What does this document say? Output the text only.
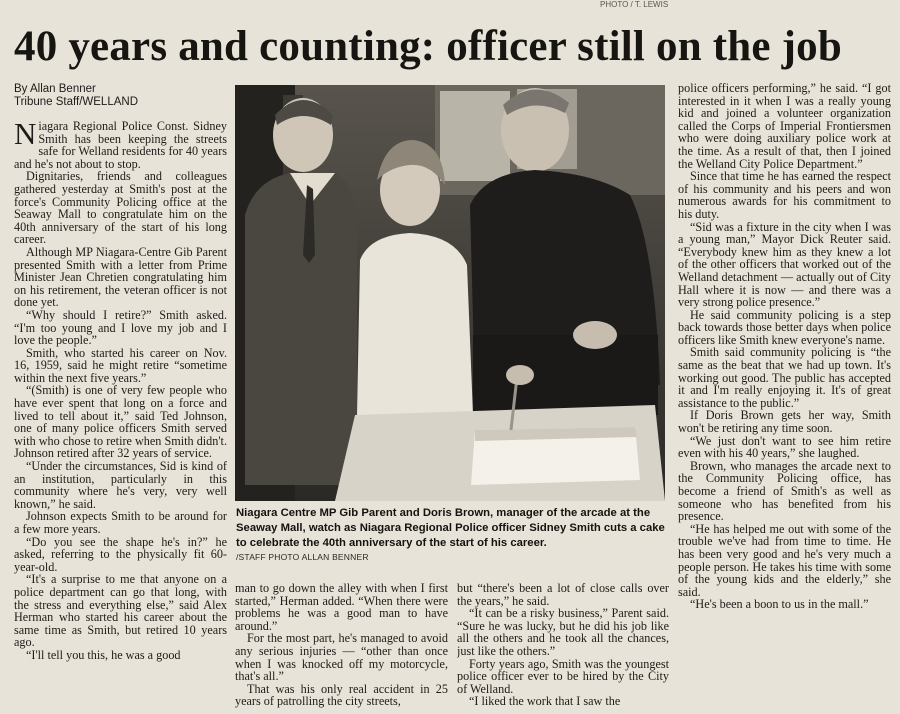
PHOTO / T. LEWIS
40 years and counting: officer still on the job
By Allan Benner
Tribune Staff/WELLAND

Niagara Regional Police Const. Sidney Smith has been keeping the streets safe for Welland residents for 40 years and he's not about to stop.

Dignitaries, friends and colleagues gathered yesterday at Smith's post at the force's Community Policing office at the Seaway Mall to congratulate him on the 40th anniversary of the start of his long career.

Although MP Niagara-Centre Gib Parent presented Smith with a letter from Prime Minister Jean Chretien congratulating him on his retirement, the veteran officer is not done yet.

“Why should I retire?” Smith asked. “I'm too young and I love my job and I love the people.”

Smith, who started his career on Nov. 16, 1959, said he might retire “sometime within the next five years.”

“(Smith) is one of very few people who have ever spent that long on a force and lived to tell about it,” said Ted Johnson, one of many police officers Smith served with who chose to retire when Smith didn't. Johnson retired after 32 years of service.

“Under the circumstances, Sid is kind of an institution, particularly in this community where he's very, very well known,” he said.

Johnson expects Smith to be around for a few more years.

“Do you see the shape he's in?” he asked, referring to the physically fit 60-year-old.

“It's a surprise to me that anyone on a police department can go that long, with the stress and everything else,” said Alex Herman who started his career about the same time as Smith, but retired 10 years ago.

“I'll tell you this, he was a good

Niagara Centre MP Gib Parent and Doris Brown, manager of the arcade at the Seaway Mall, watch as Niagara Regional Police officer Sidney Smith cuts a cake to celebrate the 40th anniversary of the start of his career.
/STAFF PHOTO ALLAN BENNER

man to go down the alley with when I first started,” Herman added. “When there were problems he was a good man to have around.”

For the most part, he's managed to avoid any serious injuries — “other than once when I was knocked off my motorcycle, that's all.”

That was his only real accident in 25 years of patrolling the city streets,

but “there's been a lot of close calls over the years,” he said.

“It can be a risky business,” Parent said. “Sure he was lucky, but he did his job like all the others and he took all the chances, just like the others.”

Forty years ago, Smith was the youngest police officer ever to be hired by the City of Welland.

“I liked the work that I saw the

police officers performing,” he said. “I got interested in it when I was a really young kid and joined a volunteer organization called the Corps of Imperial Frontiersmen who were doing auxiliary police work at the time. As a result of that, then I joined the Welland City Police Department.”

Since that time he has earned the respect of his community and his peers and won numerous awards for his commitment to his duty.

“Sid was a fixture in the city when I was a young man,” Mayor Dick Reuter said. “Everybody knew him as they knew a lot of the other officers that worked out of the Welland detachment — actually out of City Hall where it is now — and there was a very strong police presence.”

He said community policing is a step back towards those better days when police officers like Smith knew everyone's name.

Smith said community policing is “the same as the beat that we had up town. It's working out good. The public has accepted it and I'm really enjoying it. It's of great assistance to the public.”

If Doris Brown gets her way, Smith won't be retiring any time soon.

“We just don't want to see him retire even with his 40 years,” she laughed.

Brown, who manages the arcade next to the Community Policing office, has become a friend of Smith's as well as someone who has benefited from his presence.

“He has helped me out with some of the trouble we've had from time to time. He has been very good and he's very much a people person. He takes his time with some of the young kids and the elderly,” she said.

“He's been a boon to us in the mall.”
